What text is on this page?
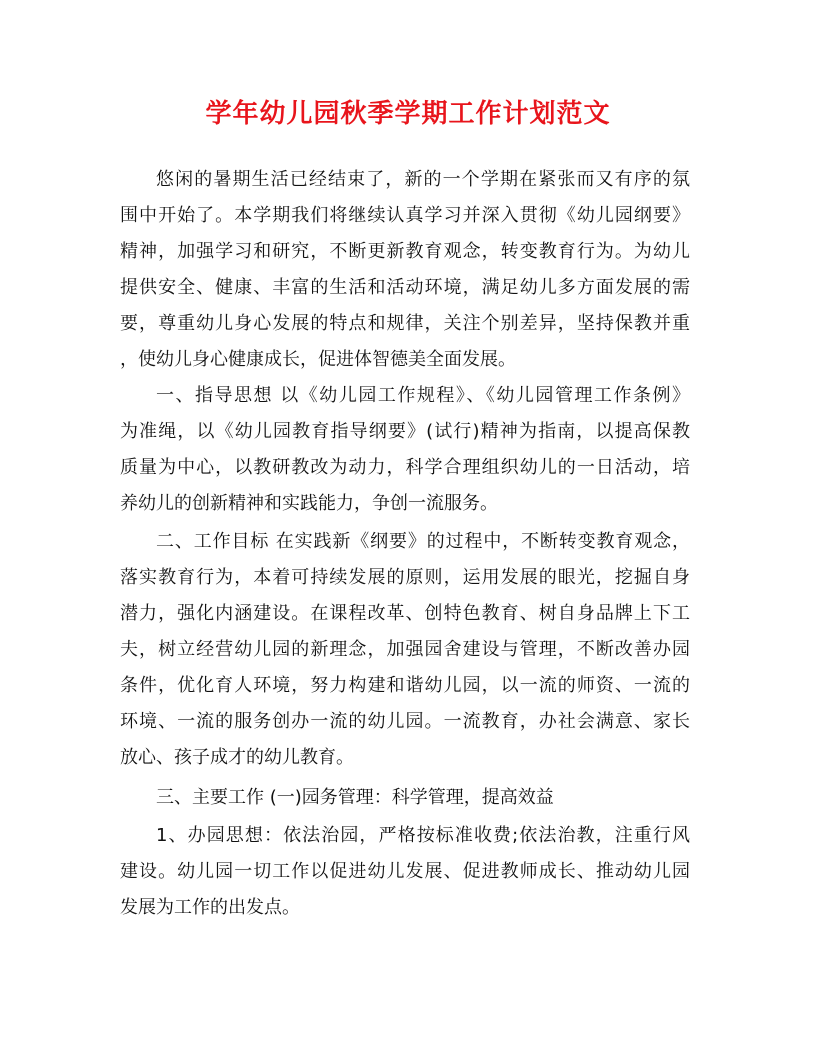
学年幼儿园秋季学期工作计划范文
悠闲的暑期生活已经结束了，新的一个学期在紧张而又有序的氛
围中开始了。本学期我们将继续认真学习并深入贯彻《幼儿园纲要》
精神，加强学习和研究，不断更新教育观念，转变教育行为。为幼儿
提供安全、健康、丰富的生活和活动环境，满足幼儿多方面发展的需
要，尊重幼儿身心发展的特点和规律，关注个别差异，坚持保教并重
，使幼儿身心健康成长，促进体智德美全面发展。
一、指导思想 以《幼儿园工作规程》、《幼儿园管理工作条例》
为准绳，以《幼儿园教育指导纲要》(试行)精神为指南，以提高保教
质量为中心，以教研教改为动力，科学合理组织幼儿的一日活动，培
养幼儿的创新精神和实践能力，争创一流服务。
二、工作目标 在实践新《纲要》的过程中，不断转变教育观念，
落实教育行为，本着可持续发展的原则，运用发展的眼光，挖掘自身
潜力，强化内涵建设。在课程改革、创特色教育、树自身品牌上下工
夫，树立经营幼儿园的新理念，加强园舍建设与管理，不断改善办园
条件，优化育人环境，努力构建和谐幼儿园，以一流的师资、一流的
环境、一流的服务创办一流的幼儿园。一流教育，办社会满意、家长
放心、孩子成才的幼儿教育。
三、主要工作 (一)园务管理：科学管理，提高效益
1、办园思想：依法治园，严格按标准收费;依法治教，注重行风
建设。幼儿园一切工作以促进幼儿发展、促进教师成长、推动幼儿园
发展为工作的出发点。
